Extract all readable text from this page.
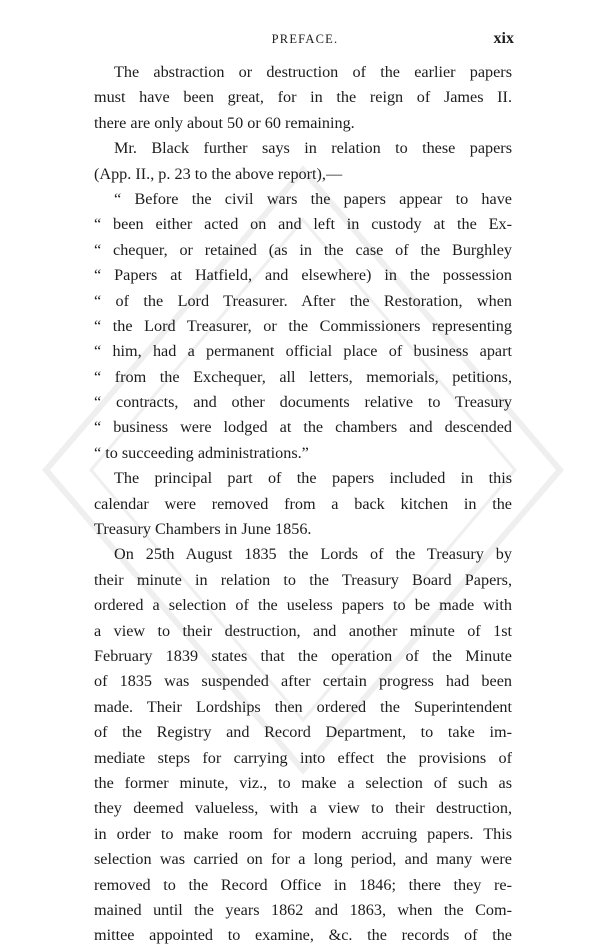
PREFACE.	xix
The abstraction or destruction of the earlier papers
must have been great, for in the reign of James II.
there are only about 50 or 60 remaining.
Mr. Black further says in relation to these papers
(App. II., p. 23 to the above report),—
“ Before the civil wars the papers appear to have
“ been either acted on and left in custody at the Ex-
“ chequer, or retained (as in the case of the Burghley
“ Papers at Hatfield, and elsewhere) in the possession
“ of the Lord Treasurer. After the Restoration, when
“ the Lord Treasurer, or the Commissioners representing
“ him, had a permanent official place of business apart
“ from the Exchequer, all letters, memorials, petitions,
“ contracts, and other documents relative to Treasury
“ business were lodged at the chambers and descended
“ to succeeding administrations.”
The principal part of the papers included in this
calendar were removed from a back kitchen in the
Treasury Chambers in June 1856.
On 25th August 1835 the Lords of the Treasury by
their minute in relation to the Treasury Board Papers,
ordered a selection of the useless papers to be made with
a view to their destruction, and another minute of 1st
February 1839 states that the operation of the Minute
of 1835 was suspended after certain progress had been
made. Their Lordships then ordered the Superintendent
of the Registry and Record Department, to take im-
mediate steps for carrying into effect the provisions of
the former minute, viz., to make a selection of such as
they deemed valueless, with a view to their destruction,
in order to make room for modern accruing papers. This
selection was carried on for a long period, and many were
removed to the Record Office in 1846; there they re-
mained until the years 1862 and 1863, when the Com-
mittee appointed to examine, &c. the records of the
